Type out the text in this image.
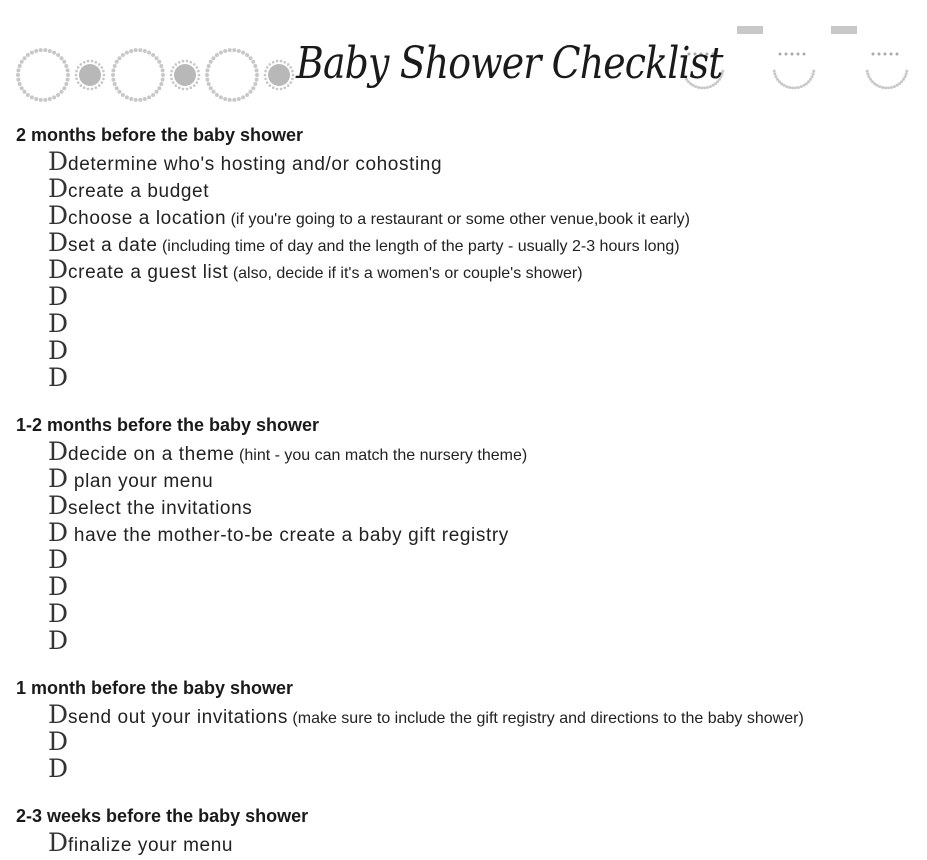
Baby Shower Checklist
2 months before the baby shower
Ddetermine who's hosting and/or cohosting
Dcreate a budget
Dchoose a location (if you're going to a restaurant or some other venue,book it early)
Dset a date (including time of day and the length of the party - usually 2-3 hours long)
Dcreate a guest list (also, decide if it's a women's or couple's shower)
D
D
D
D
1-2 months before the baby shower
Ddecide on a theme (hint - you can match the nursery theme)
D plan your menu
Dselect the invitations
D have the mother-to-be create a baby gift registry
D
D
D
D
1 month before the baby shower
Dsend out your invitations (make sure to include the gift registry and directions to the baby shower)
D
D
2-3 weeks before the baby shower
Dfinalize your menu
